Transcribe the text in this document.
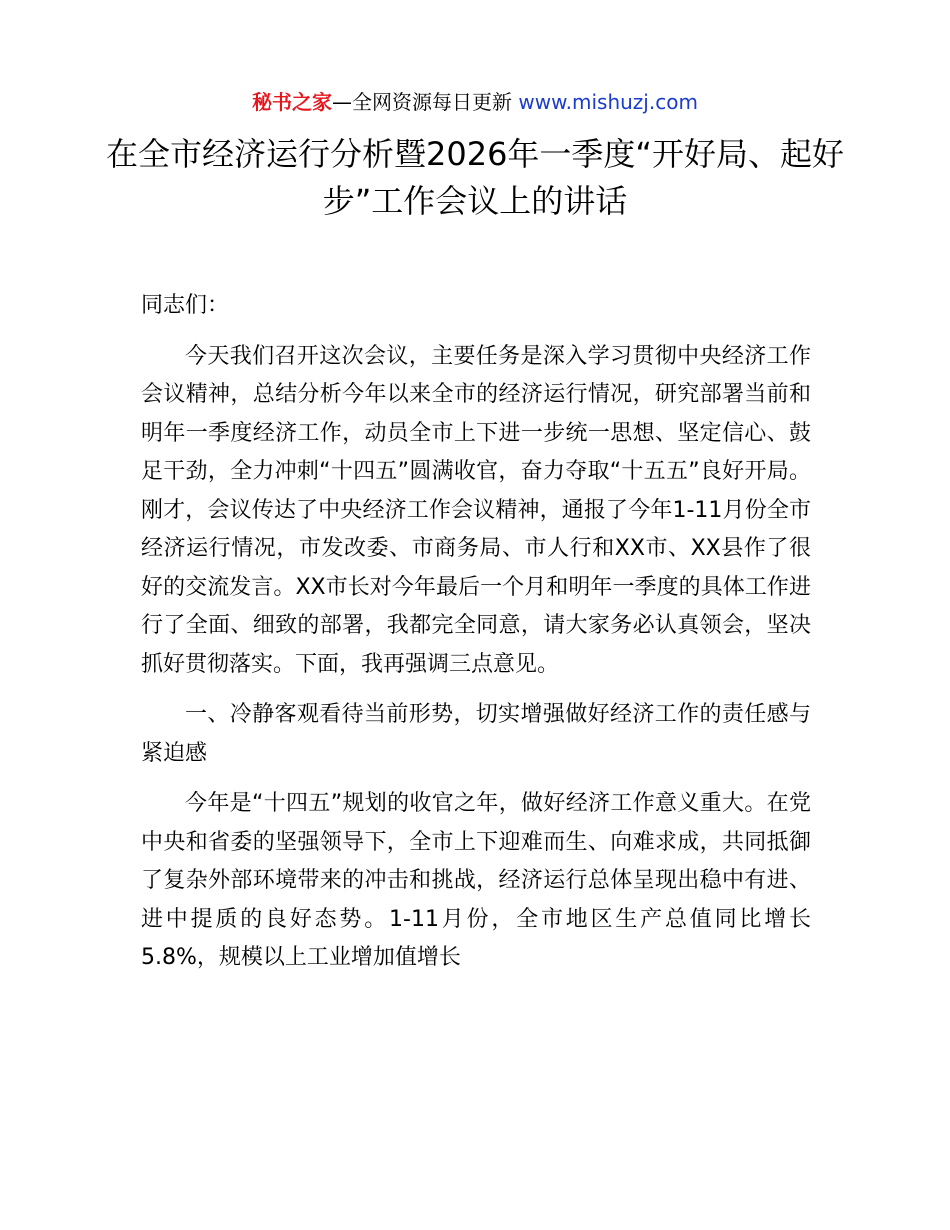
秘书之家—全网资源每日更新 www.mishuzj.com
在全市经济运行分析暨2026年一季度“开好局、起好步”工作会议上的讲话

同志们：

今天我们召开这次会议，主要任务是深入学习贯彻中央经济工作会议精神，总结分析今年以来全市的经济运行情况，研究部署当前和明年一季度经济工作，动员全市上下进一步统一思想、坚定信心、鼓足干劲，全力冲刺“十四五”圆满收官，奋力夺取“十五五”良好开局。刚才，会议传达了中央经济工作会议精神，通报了今年1-11月份全市经济运行情况，市发改委、市商务局、市人行和XX市、XX县作了很好的交流发言。XX市长对今年最后一个月和明年一季度的具体工作进行了全面、细致的部署，我都完全同意，请大家务必认真领会，坚决抓好贯彻落实。下面，我再强调三点意见。

一、冷静客观看待当前形势，切实增强做好经济工作的责任感与紧迫感

今年是“十四五”规划的收官之年，做好经济工作意义重大。在党中央和省委的坚强领导下，全市上下迎难而生、向难求成，共同抵御了复杂外部环境带来的冲击和挑战，经济运行总体呈现出稳中有进、进中提质的良好态势。1-11月份，全市地区生产总值同比增长5.8%，规模以上工业增加值增长
